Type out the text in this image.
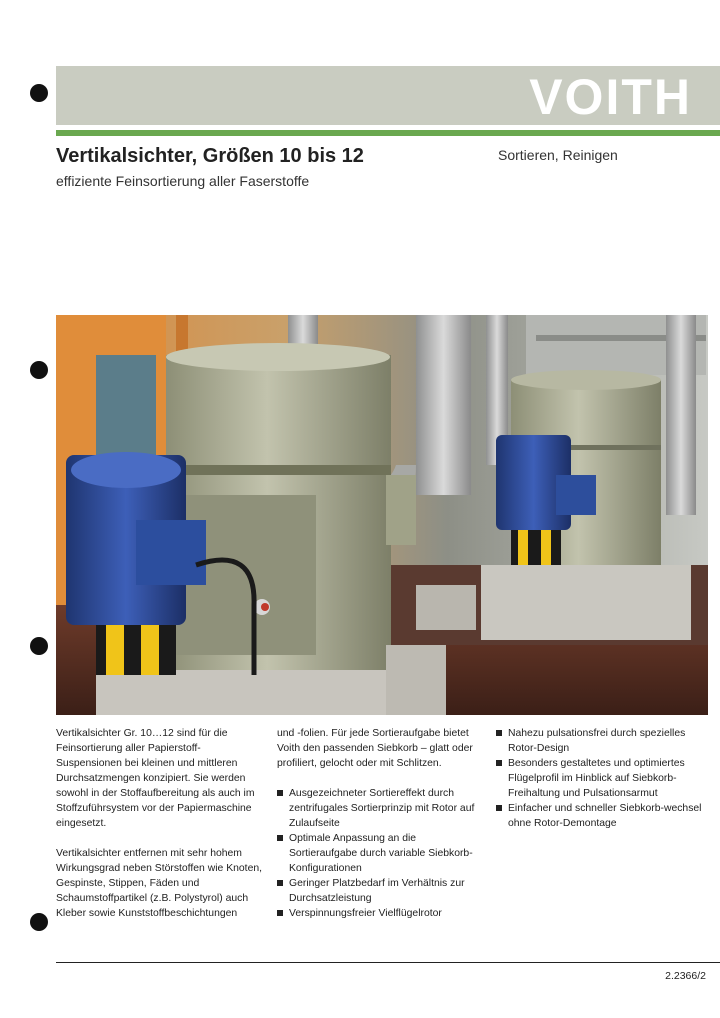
VOITH
Vertikalsichter, Größen 10 bis 12
effiziente Feinsortierung aller Faserstoffe
Sortieren, Reinigen

Vertikalsichter Gr. 10…12 sind für die Feinsortierung aller Papierstoff-Suspensionen bei kleinen und mittleren Durchsatzmengen konzipiert. Sie werden sowohl in der Stoffaufbereitung als auch im Stoffzuführsystem vor der Papiermaschine eingesetzt.

Vertikalsichter entfernen mit sehr hohem Wirkungsgrad neben Störstoffen wie Knoten, Gespinste, Stippen, Fäden und Schaumstoffpartikel (z.B. Polystyrol) auch Kleber sowie Kunststoffbeschichtungen

und -folien. Für jede Sortieraufgabe bietet Voith den passenden Siebkorb – glatt oder profiliert, gelocht oder mit Schlitzen.

Ausgezeichneter Sortiereffekt durch zentrifugales Sortierprinzip mit Rotor auf Zulaufseite
Optimale Anpassung an die Sortieraufgabe durch variable Siebkorb-Konfigurationen
Geringer Platzbedarf im Verhältnis zur Durchsatzleistung
Verspinnungsfreier Vielflügelrotor
Nahezu pulsationsfrei durch spezielles Rotor-Design
Besonders gestaltetes und optimiertes Flügelprofil im Hinblick auf Siebkorb-Freihaltung und Pulsationsarmut
Einfacher und schneller Siebkorb-wechsel ohne Rotor-Demontage
2.2366/2
